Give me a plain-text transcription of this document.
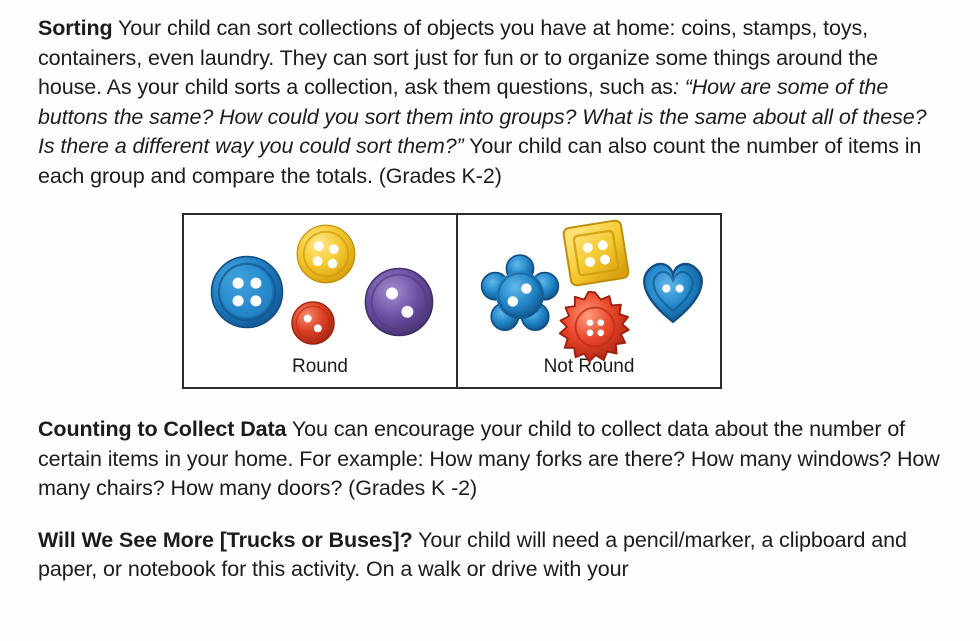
Sorting Your child can sort collections of objects you have at home: coins, stamps, toys, containers, even laundry. They can sort just for fun or to organize some things around the house. As your child sorts a collection, ask them questions, such as: “How are some of the buttons the same? How could you sort them into groups? What is the same about all of these? Is there a different way you could sort them?” Your child can also count the number of items in each group and compare the totals. (Grades K-2)

Round	Not Round

Counting to Collect Data You can encourage your child to collect data about the number of certain items in your home. For example: How many forks are there? How many windows? How many chairs? How many doors? (Grades K -2)

Will We See More [Trucks or Buses]? Your child will need a pencil/marker, a clipboard and paper, or notebook for this activity. On a walk or drive with your
